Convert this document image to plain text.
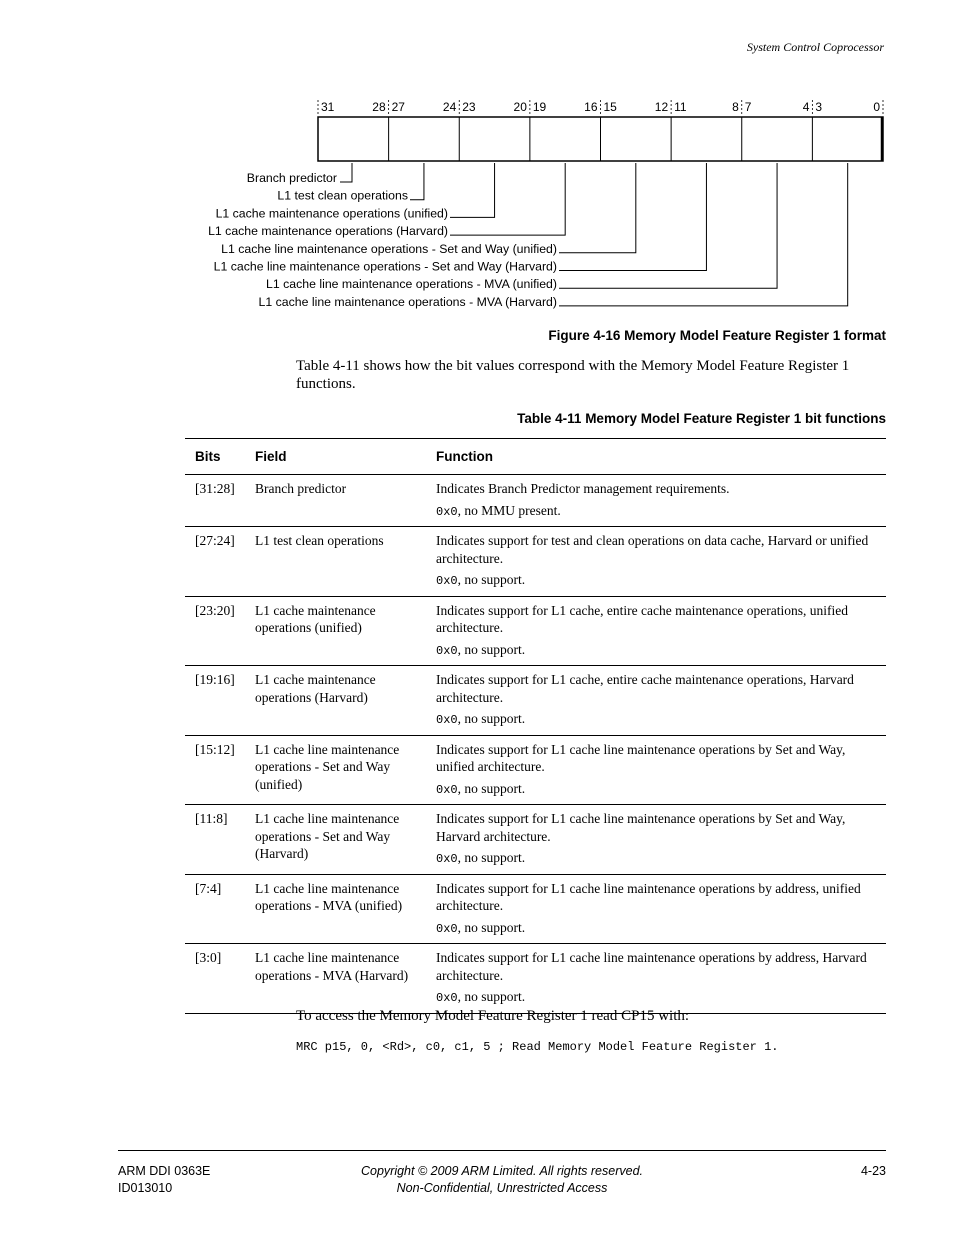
System Control Coprocessor
31	28 27	24 23	20 19	16 15	12 11	8 7	4 3	0
Branch predictor
L1 test clean operations
L1 cache maintenance operations (unified)
L1 cache maintenance operations (Harvard)
L1 cache line maintenance operations - Set and Way (unified)
L1 cache line maintenance operations - Set and Way (Harvard)
L1 cache line maintenance operations - MVA (unified)
L1 cache line maintenance operations - MVA (Harvard)
Figure 4-16 Memory Model Feature Register 1 format
Table 4-11 shows how the bit values correspond with the Memory Model Feature Register 1 functions.
Table 4-11 Memory Model Feature Register 1 bit functions
Bits	Field	Function
[31:28]	Branch predictor	Indicates Branch Predictor management requirements.

0x0, no MMU present.

[27:24]	L1 test clean operations	Indicates support for test and clean operations on data cache, Harvard or unified architecture.

0x0, no support.

[23:20]	L1 cache maintenance operations (unified)	Indicates support for L1 cache, entire cache maintenance operations, unified architecture.

0x0, no support.

[19:16]	L1 cache maintenance operations (Harvard)	Indicates support for L1 cache, entire cache maintenance operations, Harvard architecture.

0x0, no support.

[15:12]	L1 cache line maintenance operations - Set and Way (unified)	Indicates support for L1 cache line maintenance operations by Set and Way, unified architecture.

0x0, no support.

[11:8]	L1 cache line maintenance operations - Set and Way (Harvard)	Indicates support for L1 cache line maintenance operations by Set and Way, Harvard architecture.

0x0, no support.

[7:4]	L1 cache line maintenance operations - MVA (unified)	Indicates support for L1 cache line maintenance operations by address, unified architecture.

0x0, no support.

[3:0]	L1 cache line maintenance operations - MVA (Harvard)	Indicates support for L1 cache line maintenance operations by address, Harvard architecture.

0x0, no support.

To access the Memory Model Feature Register 1 read CP15 with:
MRC p15, 0, <Rd>, c0, c1, 5 ; Read Memory Model Feature Register 1.
ARM DDI 0363E
ID013010
Copyright © 2009 ARM Limited. All rights reserved.
Non-Confidential, Unrestricted Access
4-23
